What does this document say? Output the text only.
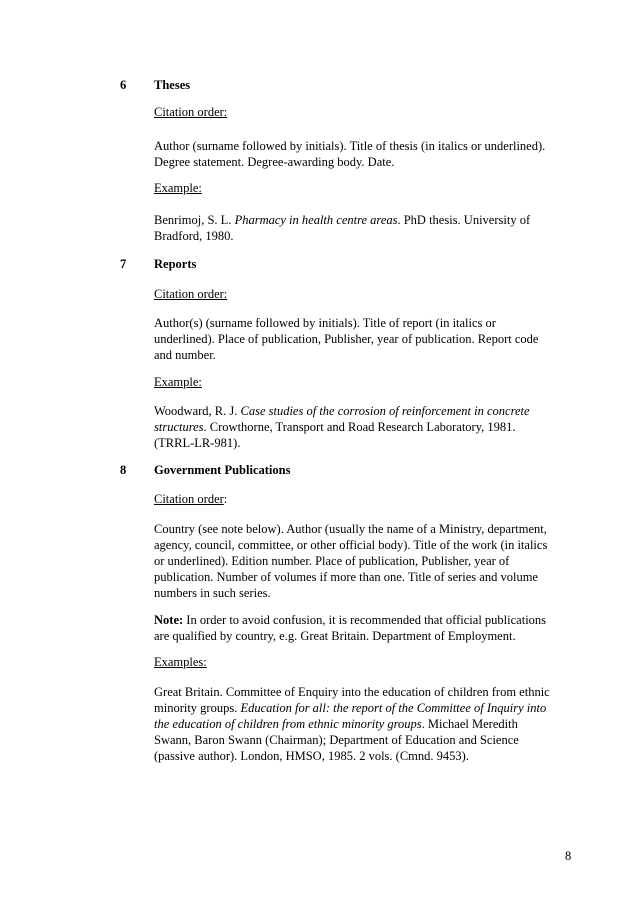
6	Theses
Citation order:
Author (surname followed by initials). Title of thesis (in italics or underlined).
Degree statement. Degree-awarding body. Date.
Example:
Benrimoj, S. L. Pharmacy in health centre areas. PhD thesis. University of
Bradford, 1980.
7	Reports
Citation order:
Author(s) (surname followed by initials). Title of report (in italics or
underlined). Place of publication, Publisher, year of publication. Report code
and number.
Example:
Woodward, R. J. Case studies of the corrosion of reinforcement in concrete
structures. Crowthorne, Transport and Road Research Laboratory, 1981.
(TRRL-LR-981).
8	Government Publications
Citation order:
Country (see note below). Author (usually the name of a Ministry, department,
agency, council, committee, or other official body). Title of the work (in italics
or underlined). Edition number. Place of publication, Publisher, year of
publication. Number of volumes if more than one. Title of series and volume
numbers in such series.
Note: In order to avoid confusion, it is recommended that official publications
are qualified by country, e.g. Great Britain. Department of Employment.
Examples:
Great Britain. Committee of Enquiry into the education of children from ethnic
minority groups. Education for all: the report of the Committee of Inquiry into
the education of children from ethnic minority groups. Michael Meredith
Swann, Baron Swann (Chairman); Department of Education and Science
(passive author). London, HMSO, 1985. 2 vols. (Cmnd. 9453).
8
